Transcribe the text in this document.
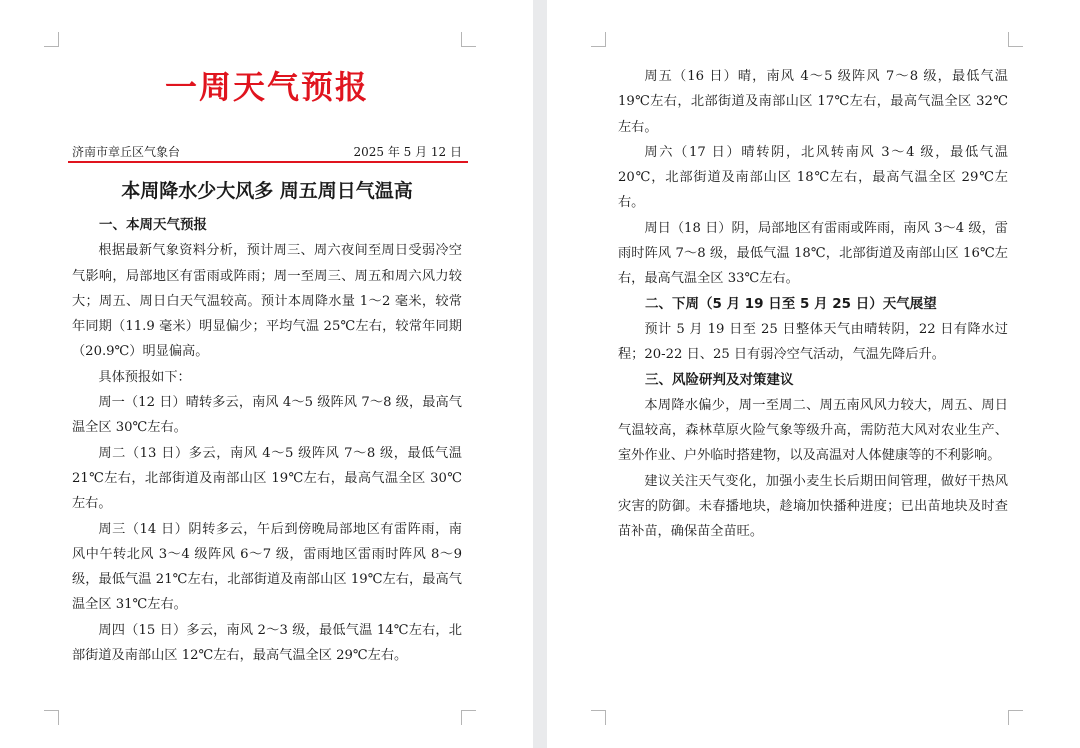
一周天气预报
济南市章丘区气象台	2025 年 5 月 12 日
本周降水少大风多 周五周日气温高
一、本周天气预报

根据最新气象资料分析，预计周三、周六夜间至周日受弱冷空气影响，局部地区有雷雨或阵雨；周一至周三、周五和周六风力较大；周五、周日白天气温较高。预计本周降水量 1～2 毫米，较常年同期（11.9 毫米）明显偏少；平均气温 25℃左右，较常年同期（20.9℃）明显偏高。

具体预报如下：

周一（12 日）晴转多云，南风 4～5 级阵风 7～8 级，最高气温全区 30℃左右。

周二（13 日）多云，南风 4～5 级阵风 7～8 级，最低气温 21℃左右，北部街道及南部山区 19℃左右，最高气温全区 30℃左右。

周三（14 日）阴转多云，午后到傍晚局部地区有雷阵雨，南风中午转北风 3～4 级阵风 6～7 级，雷雨地区雷雨时阵风 8～9 级，最低气温 21℃左右，北部街道及南部山区 19℃左右，最高气温全区 31℃左右。

周四（15 日）多云，南风 2～3 级，最低气温 14℃左右，北部街道及南部山区 12℃左右，最高气温全区 29℃左右。

周五（16 日）晴，南风 4～5 级阵风 7～8 级，最低气温 19℃左右，北部街道及南部山区 17℃左右，最高气温全区 32℃左右。

周六（17 日）晴转阴，北风转南风 3～4 级，最低气温 20℃，北部街道及南部山区 18℃左右，最高气温全区 29℃左右。

周日（18 日）阴，局部地区有雷雨或阵雨，南风 3～4 级，雷雨时阵风 7～8 级，最低气温 18℃，北部街道及南部山区 16℃左右，最高气温全区 33℃左右。

二、下周（5 月 19 日至 5 月 25 日）天气展望

预计 5 月 19 日至 25 日整体天气由晴转阴，22 日有降水过程；20-22 日、25 日有弱冷空气活动，气温先降后升。

三、风险研判及对策建议

本周降水偏少，周一至周二、周五南风风力较大，周五、周日气温较高，森林草原火险气象等级升高，需防范大风对农业生产、室外作业、户外临时搭建物，以及高温对人体健康等的不利影响。

建议关注天气变化，加强小麦生长后期田间管理，做好干热风灾害的防御。未春播地块，趁墒加快播种进度；已出苗地块及时查苗补苗，确保苗全苗旺。
